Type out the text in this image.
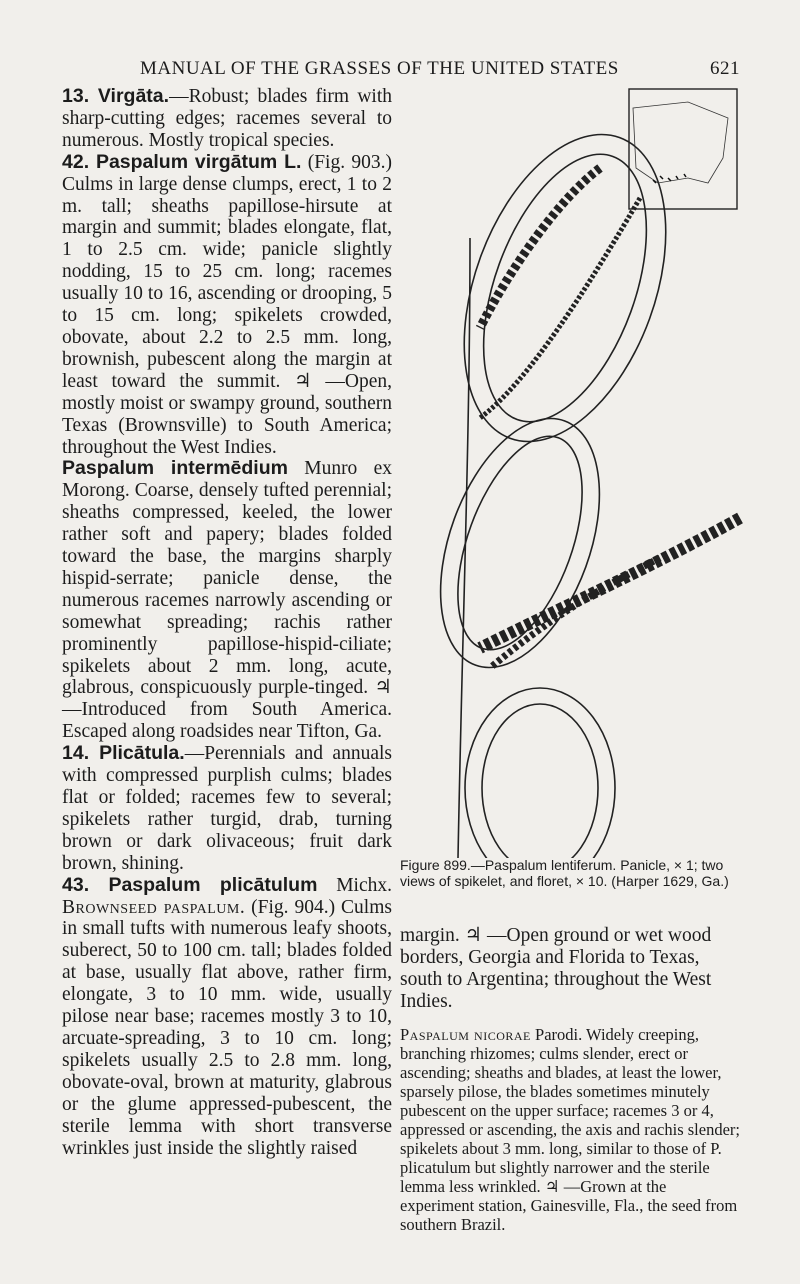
MANUAL OF THE GRASSES OF THE UNITED STATES	621

13. Virgāta.—Robust; blades firm with sharp-cutting edges; racemes several to numerous. Mostly tropical species.

42. Paspalum virgātum L. (Fig. 903.) Culms in large dense clumps, erect, 1 to 2 m. tall; sheaths papillose-hirsute at margin and summit; blades elongate, flat, 1 to 2.5 cm. wide; panicle slightly nodding, 15 to 25 cm. long; racemes usually 10 to 16, ascending or drooping, 5 to 15 cm. long; spikelets crowded, obovate, about 2.2 to 2.5 mm. long, brownish, pubescent along the margin at least toward the summit. ♃ —Open, mostly moist or swampy ground, southern Texas (Brownsville) to South America; throughout the West Indies.

Paspalum intermēdium Munro ex Morong. Coarse, densely tufted perennial; sheaths compressed, keeled, the lower rather soft and papery; blades folded toward the base, the margins sharply hispid-serrate; panicle dense, the numerous racemes narrowly ascending or somewhat spreading; rachis rather prominently papillose-hispid-ciliate; spikelets about 2 mm. long, acute, glabrous, conspicuously purple-tinged. ♃ —Introduced from South America. Escaped along roadsides near Tifton, Ga.

14. Plicātula.—Perennials and annuals with compressed purplish culms; blades flat or folded; racemes few to several; spikelets rather turgid, drab, turning brown or dark olivaceous; fruit dark brown, shining.

43. Paspalum plicātulum Michx. Brownseed paspalum. (Fig. 904.) Culms in small tufts with numerous leafy shoots, suberect, 50 to 100 cm. tall; blades folded at base, usually flat above, rather firm, elongate, 3 to 10 mm. wide, usually pilose near base; racemes mostly 3 to 10, arcuate-spreading, 3 to 10 cm. long; spikelets usually 2.5 to 2.8 mm. long, obovate-oval, brown at maturity, glabrous or the glume appressed-pubescent, the sterile lemma with short transverse wrinkles just inside the slightly raised

Figure 899.—Paspalum lentiferum. Panicle, × 1; two views of spikelet, and floret, × 10. (Harper 1629, Ga.)

margin. ♃ —Open ground or wet wood borders, Georgia and Florida to Texas, south to Argentina; throughout the West Indies.

Paspalum nicorae Parodi. Widely creeping, branching rhizomes; culms slender, erect or ascending; sheaths and blades, at least the lower, sparsely pilose, the blades sometimes minutely pubescent on the upper surface; racemes 3 or 4, appressed or ascending, the axis and rachis slender; spikelets about 3 mm. long, similar to those of P. plicatulum but slightly narrower and the sterile lemma less wrinkled. ♃ —Grown at the experiment station, Gainesville, Fla., the seed from southern Brazil.
